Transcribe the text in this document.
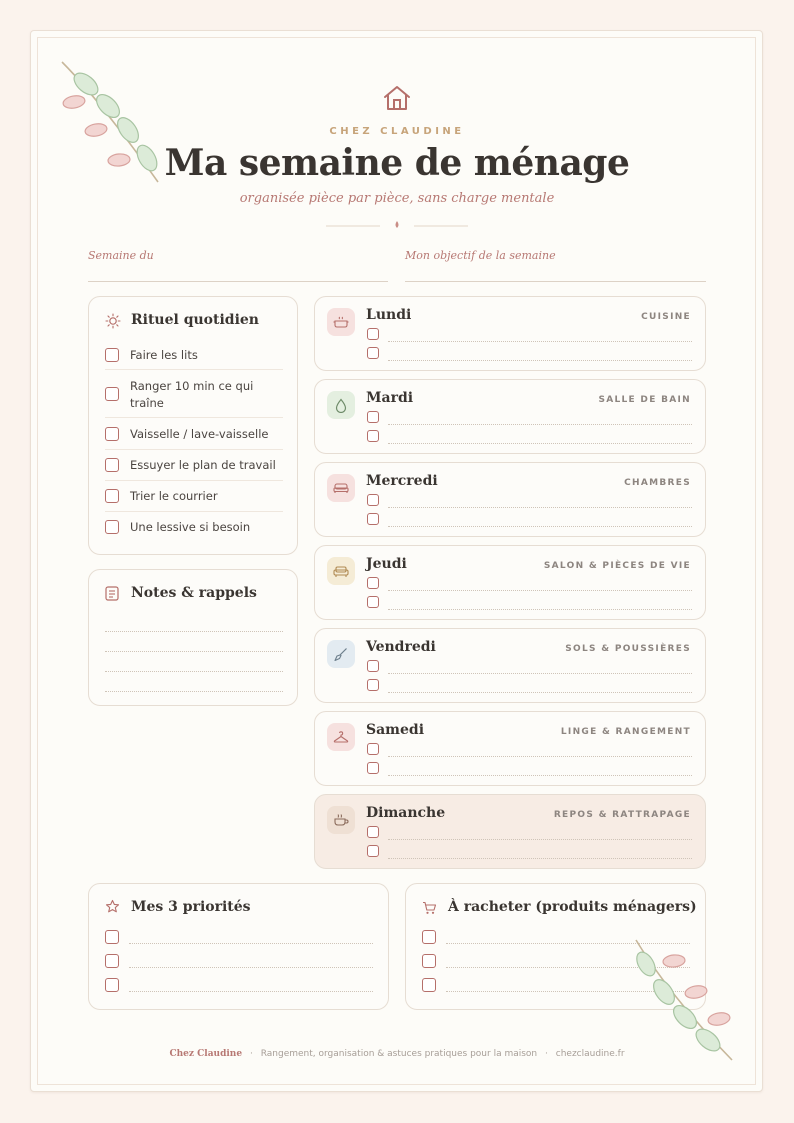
CHEZ CLAUDINE
Ma semaine de ménage
organisée pièce par pièce, sans charge mentale
Semaine du	Mon objectif de la semaine
Rituel quotidien
Faire les lits
Ranger 10 min ce qui
traîne
Vaisselle / lave-vaisselle
Essuyer le plan de travail
Trier le courrier
Une lessive si besoin
Notes & rappels
Lundi	CUISINE
Mardi	SALLE DE BAIN
Mercredi	CHAMBRES
Jeudi	SALON & PIÈCES DE VIE
Vendredi	SOLS & POUSSIÈRES
Samedi	LINGE & RANGEMENT
Dimanche	REPOS & RATTRAPAGE
Mes 3 priorités	À racheter (produits ménagers)
Chez Claudine · Rangement, organisation & astuces pratiques pour la maison · chezclaudine.fr
